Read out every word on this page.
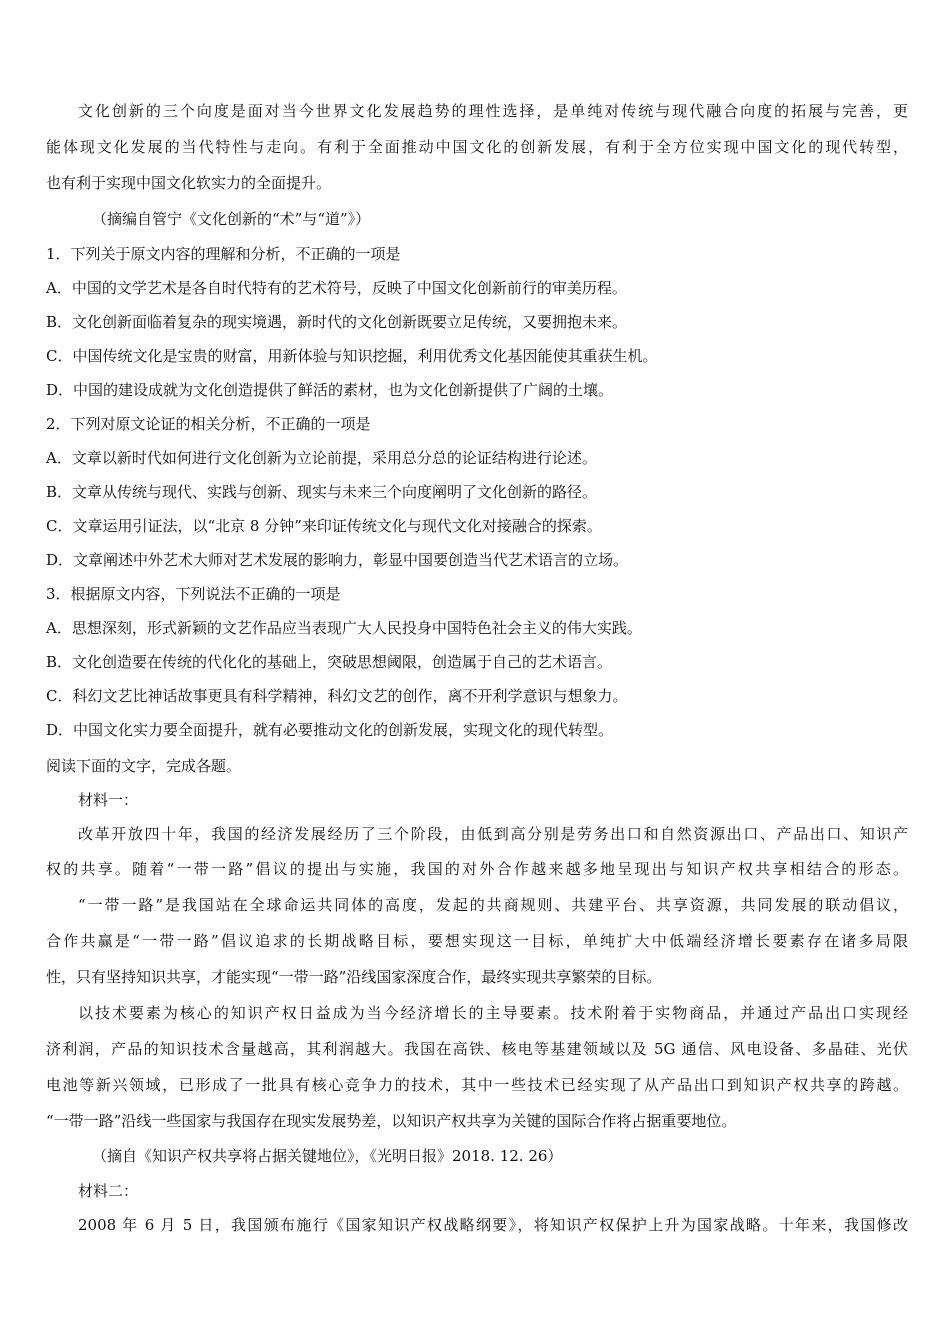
文化创新的三个向度是面对当今世界文化发展趋势的理性选择，是单纯对传统与现代融合向度的拓展与完善，更
能体现文化发展的当代特性与走向。有利于全面推动中国文化的创新发展，有利于全方位实现中国文化的现代转型，
也有利于实现中国文化软实力的全面提升。
（摘编自管宁《文化创新的“术”与“道”》）
1．下列关于原文内容的理解和分析，不正确的一项是
A．中国的文学艺术是各自时代特有的艺术符号，反映了中国文化创新前行的审美历程。
B．文化创新面临着复杂的现实境遇，新时代的文化创新既要立足传统，又要拥抱未来。
C．中国传统文化是宝贵的财富，用新体验与知识挖掘，利用优秀文化基因能使其重获生机。
D．中国的建设成就为文化创造提供了鲜活的素材，也为文化创新提供了广阔的土壤。
2．下列对原文论证的相关分析，不正确的一项是
A．文章以新时代如何进行文化创新为立论前提，采用总分总的论证结构进行论述。
B．文章从传统与现代、实践与创新、现实与未来三个向度阐明了文化创新的路径。
C．文章运用引证法，以“北京 8 分钟”来印证传统文化与现代文化对接融合的探索。
D．文章阐述中外艺术大师对艺术发展的影响力，彰显中国要创造当代艺术语言的立场。
3．根据原文内容，下列说法不正确的一项是
A．思想深刻，形式新颖的文艺作品应当表现广大人民投身中国特色社会主义的伟大实践。
B．文化创造要在传统的代化化的基础上，突破思想阈限，创造属于自己的艺术语言。
C．科幻文艺比神话故事更具有科学精神，科幻文艺的创作，离不开利学意识与想象力。
D．中国文化实力要全面提升，就有必要推动文化的创新发展，实现文化的现代转型。
阅读下面的文字，完成各题。
材料一：
改革开放四十年，我国的经济发展经历了三个阶段，由低到高分别是劳务出口和自然资源出口、产品出口、知识产
权的共享。随着“一带一路”倡议的提出与实施，我国的对外合作越来越多地呈现出与知识产权共享相结合的形态。
“一带一路”是我国站在全球命运共同体的高度，发起的共商规则、共建平台、共享资源，共同发展的联动倡议，
合作共赢是“一带一路”倡议追求的长期战略目标，要想实现这一目标，单纯扩大中低端经济增长要素存在诸多局限
性，只有坚持知识共享，才能实现“一带一路”沿线国家深度合作，最终实现共享繁荣的目标。
以技术要素为核心的知识产权日益成为当今经济增长的主导要素。技术附着于实物商品，并通过产品出口实现经
济利润，产品的知识技术含量越高，其利润越大。我国在高铁、核电等基建领域以及 5G 通信、风电设备、多晶硅、光伏
电池等新兴领域，已形成了一批具有核心竞争力的技术，其中一些技术已经实现了从产品出口到知识产权共享的跨越。
“一带一路”沿线一些国家与我国存在现实发展势差，以知识产权共享为关键的国际合作将占据重要地位。
（摘自《知识产权共享将占据关键地位》，《光明日报》2018. 12. 26）
材料二：
2008 年 6 月 5 日，我国颁布施行《国家知识产权战略纲要》，将知识产权保护上升为国家战略。十年来，我国修改
